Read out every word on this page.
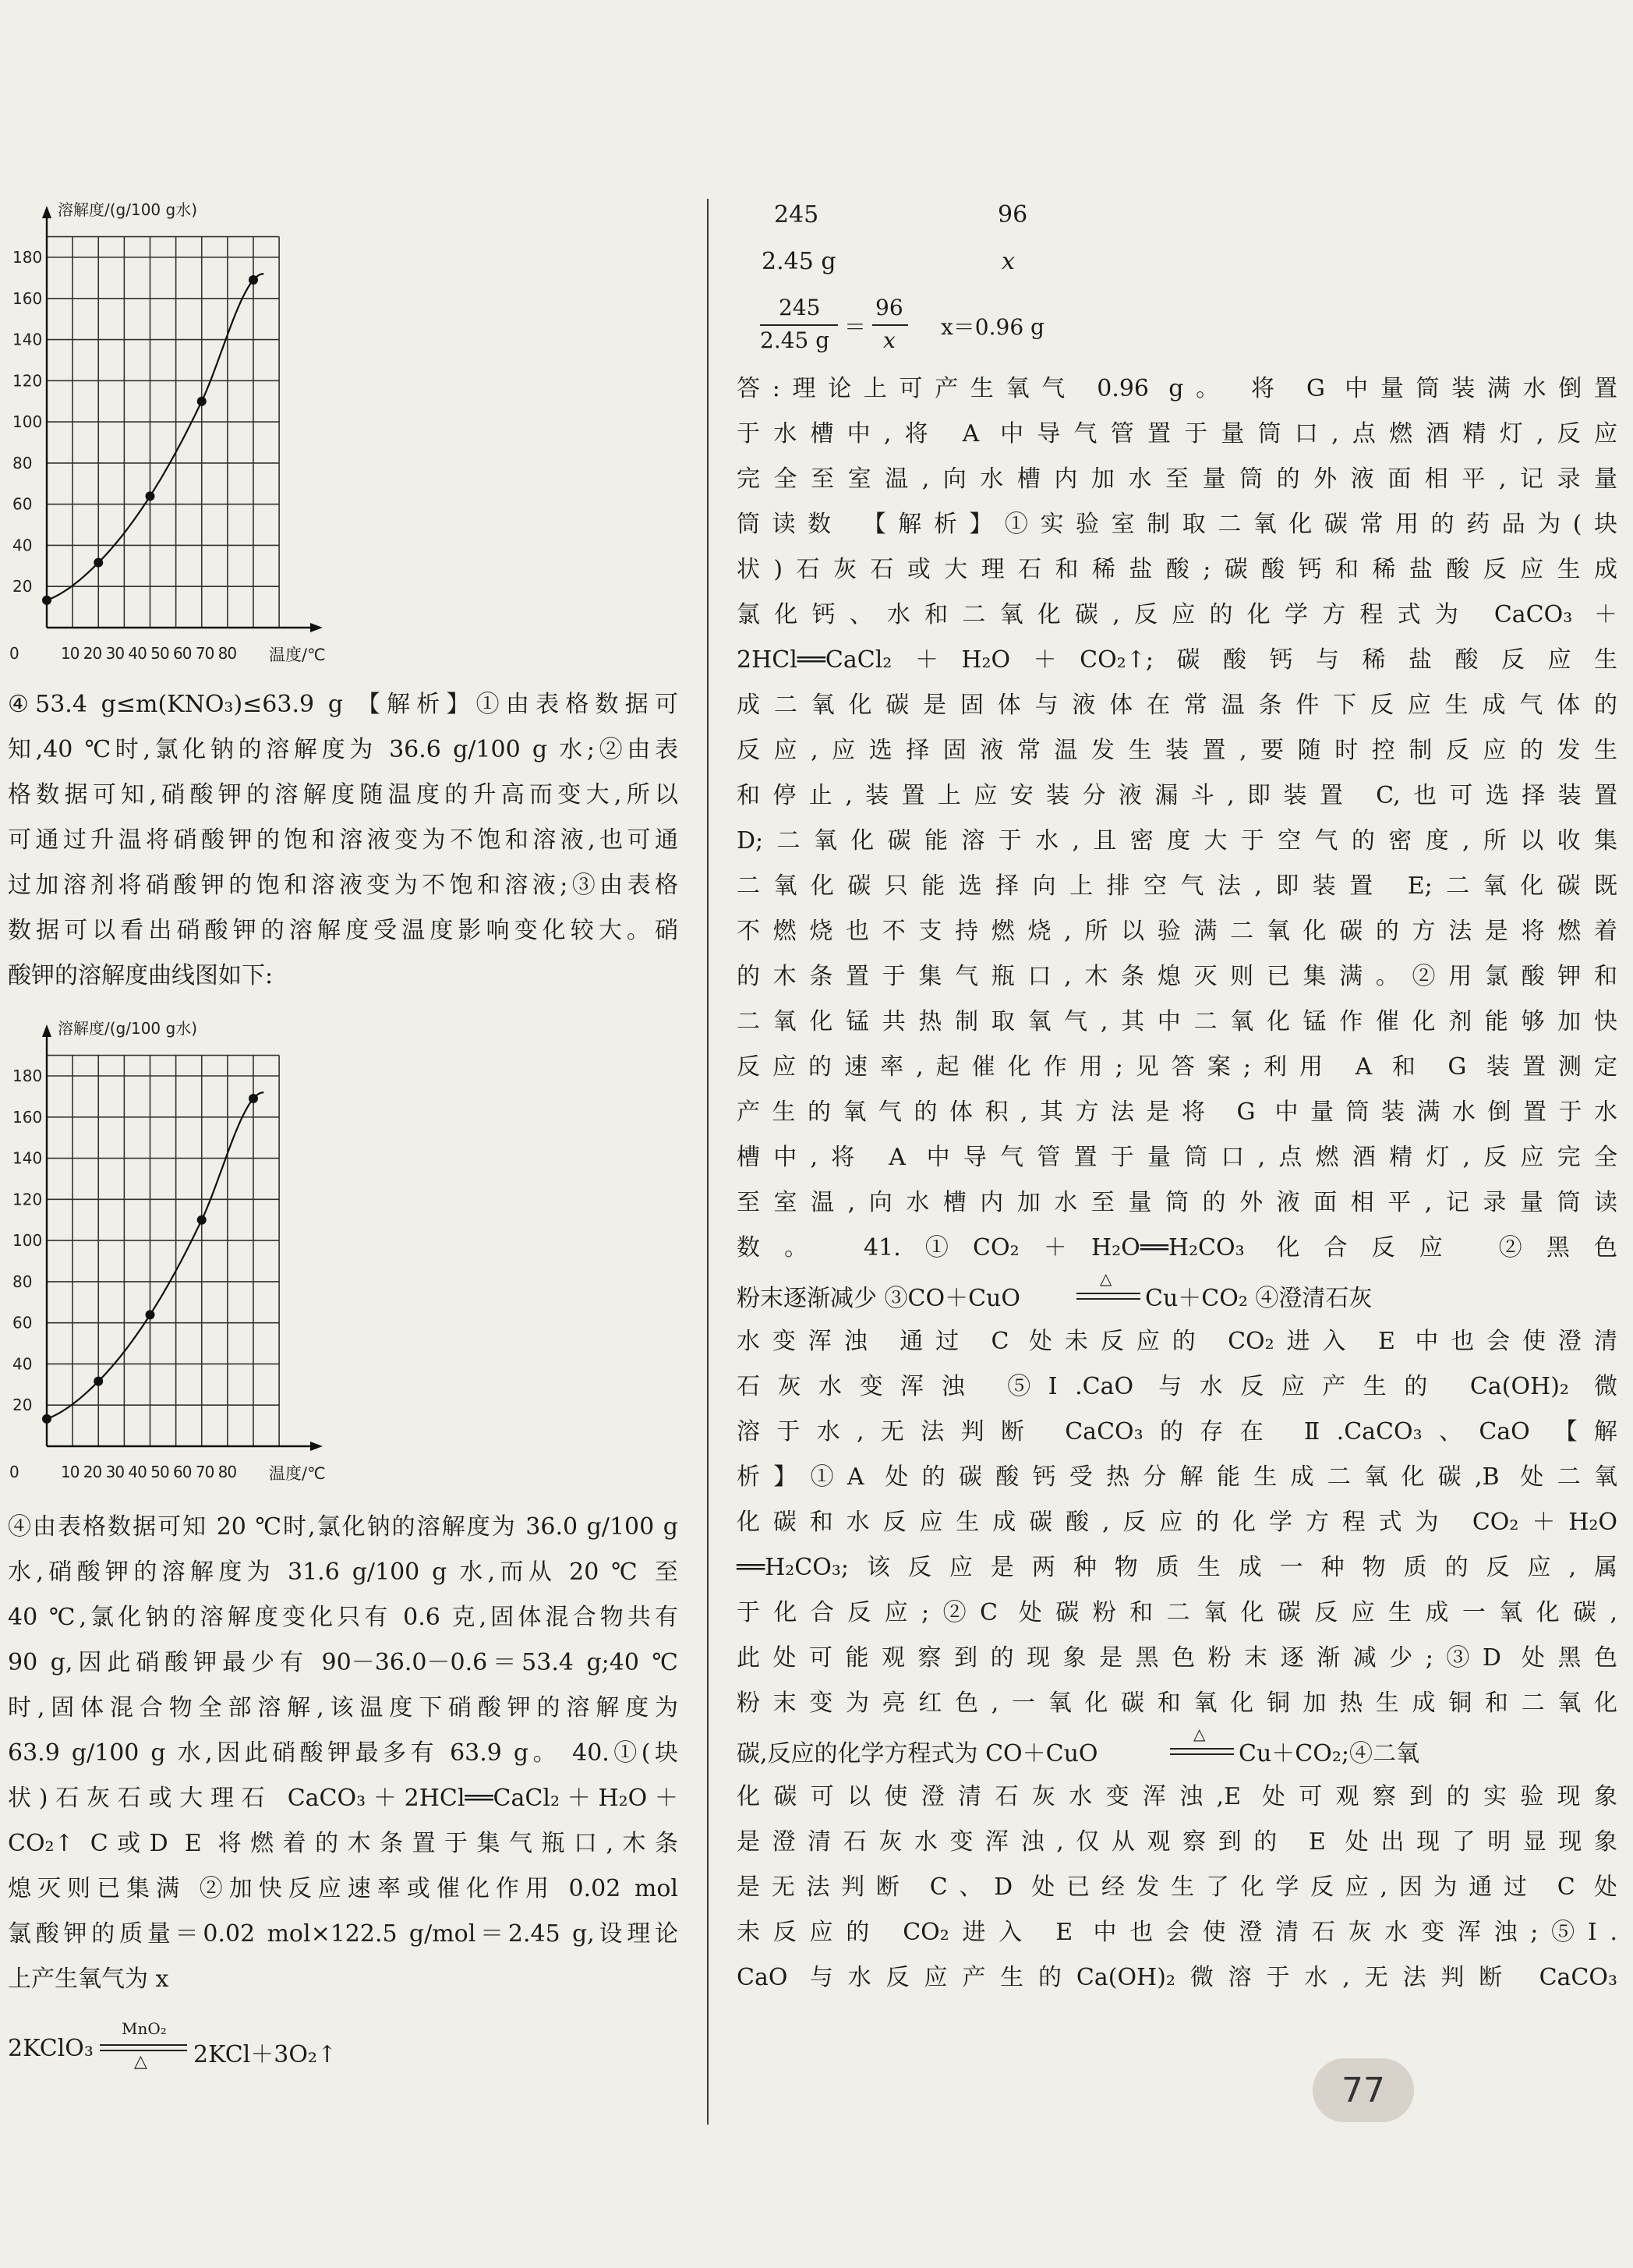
溶解度/(g/100 g水)
180
160
140
120
100
80
60
40
20
0	10 20 30 40 50 60 70 80 温度/℃

④53.4 g≤m(KNO₃)≤63.9 g 【解析】①由表格数据可

知,40 ℃时,氯化钠的溶解度为 36.6 g/100 g 水;②由表

格数据可知,硝酸钾的溶解度随温度的升高而变大,所以

可通过升温将硝酸钾的饱和溶液变为不饱和溶液,也可通

过加溶剂将硝酸钾的饱和溶液变为不饱和溶液;③由表格

数据可以看出硝酸钾的溶解度受温度影响变化较大。硝

酸钾的溶解度曲线图如下:

溶解度/(g/100 g水)
180
160
140
120
100
80
60
40
20
0	10 20 30 40 50 60 70 80 温度/℃

④由表格数据可知 20 ℃时,氯化钠的溶解度为 36.0 g/100 g

水,硝酸钾的溶解度为 31.6 g/100 g 水,而从 20 ℃ 至

40 ℃,氯化钠的溶解度变化只有 0.6 克,固体混合物共有

90 g,因此硝酸钾最少有 90－36.0－0.6＝53.4 g;40 ℃

时,固体混合物全部溶解,该温度下硝酸钾的溶解度为

63.9 g/100 g 水,因此硝酸钾最多有 63.9 g。 40.①(块

状)石灰石或大理石 CaCO₃＋2HCl══CaCl₂＋H₂O＋

CO₂↑ C或D E 将燃着的木条置于集气瓶口,木条

熄灭则已集满 ②加快反应速率或催化作用 0.02 mol

氯酸钾的质量＝0.02 mol×122.5 g/mol＝2.45 g,设理论

上产生氧气为 x

2KClO₃
MnO₂
△ 2KCl＋3O₂↑
245	96
2.45 g	x
245
2.45 g
＝
96
x
x＝0.96 g

答:理论上可产生氧气 0.96 g。 将 G 中量筒装满水倒置

于水槽中,将 A 中导气管置于量筒口,点燃酒精灯,反应

完全至室温,向水槽内加水至量筒的外液面相平,记录量

筒读数 【解析】①实验室制取二氧化碳常用的药品为(块

状)石灰石或大理石和稀盐酸;碳酸钙和稀盐酸反应生成

氯化钙、水和二氧化碳,反应的化学方程式为 CaCO₃ ＋

2HCl══CaCl₂＋H₂O＋CO₂↑;碳酸钙与稀盐酸反应生

成二氧化碳是固体与液体在常温条件下反应生成气体的

反应,应选择固液常温发生装置,要随时控制反应的发生

和停止,装置上应安装分液漏斗,即装置 C,也可选择装置

D;二氧化碳能溶于水,且密度大于空气的密度,所以收集

二氧化碳只能选择向上排空气法,即装置 E;二氧化碳既

不燃烧也不支持燃烧,所以验满二氧化碳的方法是将燃着

的木条置于集气瓶口,木条熄灭则已集满。②用氯酸钾和

二氧化锰共热制取氧气,其中二氧化锰作催化剂能够加快

反应的速率,起催化作用;见答案;利用 A 和 G 装置测定

产生的氧气的体积,其方法是将 G 中量筒装满水倒置于水

槽中,将 A 中导气管置于量筒口,点燃酒精灯,反应完全

至室温,向水槽内加水至量筒的外液面相平,记录量筒读

数。 41.①CO₂＋H₂O══H₂CO₃ 化合反应 ②黑色

粉末逐渐减少 ③CO＋CuO
△
Cu＋CO₂ ④澄清石灰

水变浑浊 通过 C 处未反应的 CO₂进入 E 中也会使澄清

石灰水变浑浊 ⑤Ⅰ.CaO 与水反应产生的 Ca(OH)₂ 微

溶于水,无法判断 CaCO₃的存在 Ⅱ.CaCO₃、CaO 【解

析】①A 处的碳酸钙受热分解能生成二氧化碳,B 处二氧

化碳和水反应生成碳酸,反应的化学方程式为 CO₂＋H₂O

══H₂CO₃;该反应是两种物质生成一种物质的反应,属

于化合反应;②C 处碳粉和二氧化碳反应生成一氧化碳,

此处可能观察到的现象是黑色粉末逐渐减少;③D 处黑色

粉末变为亮红色,一氧化碳和氧化铜加热生成铜和二氧化

碳,反应的化学方程式为 CO＋CuO
△
Cu＋CO₂;④二氧

化碳可以使澄清石灰水变浑浊,E 处可观察到的实验现象

是澄清石灰水变浑浊,仅从观察到的 E 处出现了明显现象

是无法判断 C、D 处已经发生了化学反应,因为通过 C 处

未反应的 CO₂进入 E 中也会使澄清石灰水变浑浊;⑤Ⅰ.

CaO 与水反应产生的Ca(OH)₂微溶于水,无法判断 CaCO₃

77
